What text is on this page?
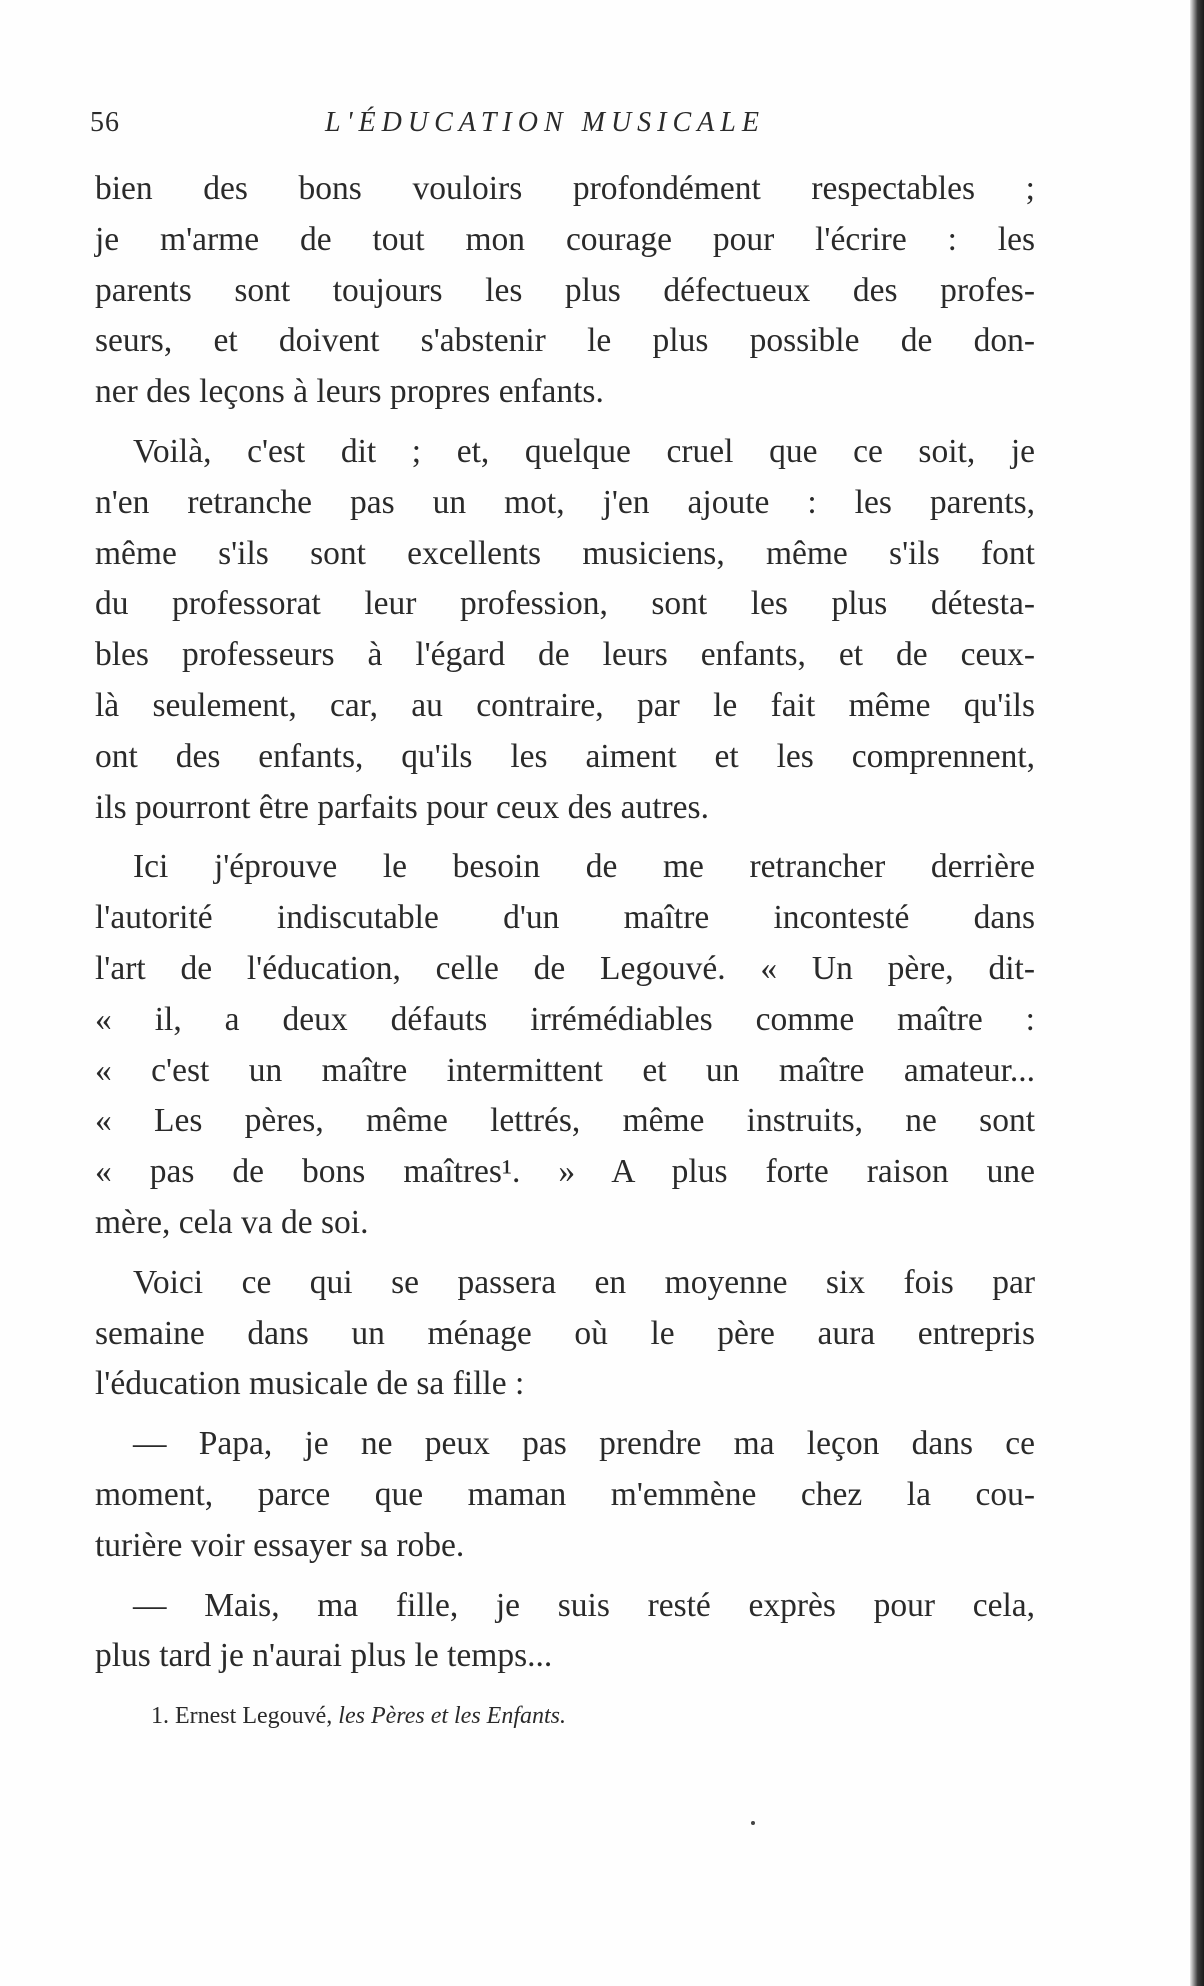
56	L'ÉDUCATION MUSICALE
bien des bons vouloirs profondément respectables ;
je m'arme de tout mon courage pour l'écrire : les
parents sont toujours les plus défectueux des profes-
seurs, et doivent s'abstenir le plus possible de don-
ner des leçons à leurs propres enfants.
Voilà, c'est dit ; et, quelque cruel que ce soit, je
n'en retranche pas un mot, j'en ajoute : les parents,
même s'ils sont excellents musiciens, même s'ils font
du professorat leur profession, sont les plus détesta-
bles professeurs à l'égard de leurs enfants, et de ceux-
là seulement, car, au contraire, par le fait même qu'ils
ont des enfants, qu'ils les aiment et les comprennent,
ils pourront être parfaits pour ceux des autres.
Ici j'éprouve le besoin de me retrancher derrière
l'autorité indiscutable d'un maître incontesté dans
l'art de l'éducation, celle de Legouvé. « Un père, dit-
« il, a deux défauts irrémédiables comme maître :
« c'est un maître intermittent et un maître amateur...
« Les pères, même lettrés, même instruits, ne sont
« pas de bons maîtres¹. » A plus forte raison une
mère, cela va de soi.
Voici ce qui se passera en moyenne six fois par
semaine dans un ménage où le père aura entrepris
l'éducation musicale de sa fille :
— Papa, je ne peux pas prendre ma leçon dans ce
moment, parce que maman m'emmène chez la cou-
turière voir essayer sa robe.
— Mais, ma fille, je suis resté exprès pour cela,
plus tard je n'aurai plus le temps...
1. Ernest Legouvé, les Pères et les Enfants.
